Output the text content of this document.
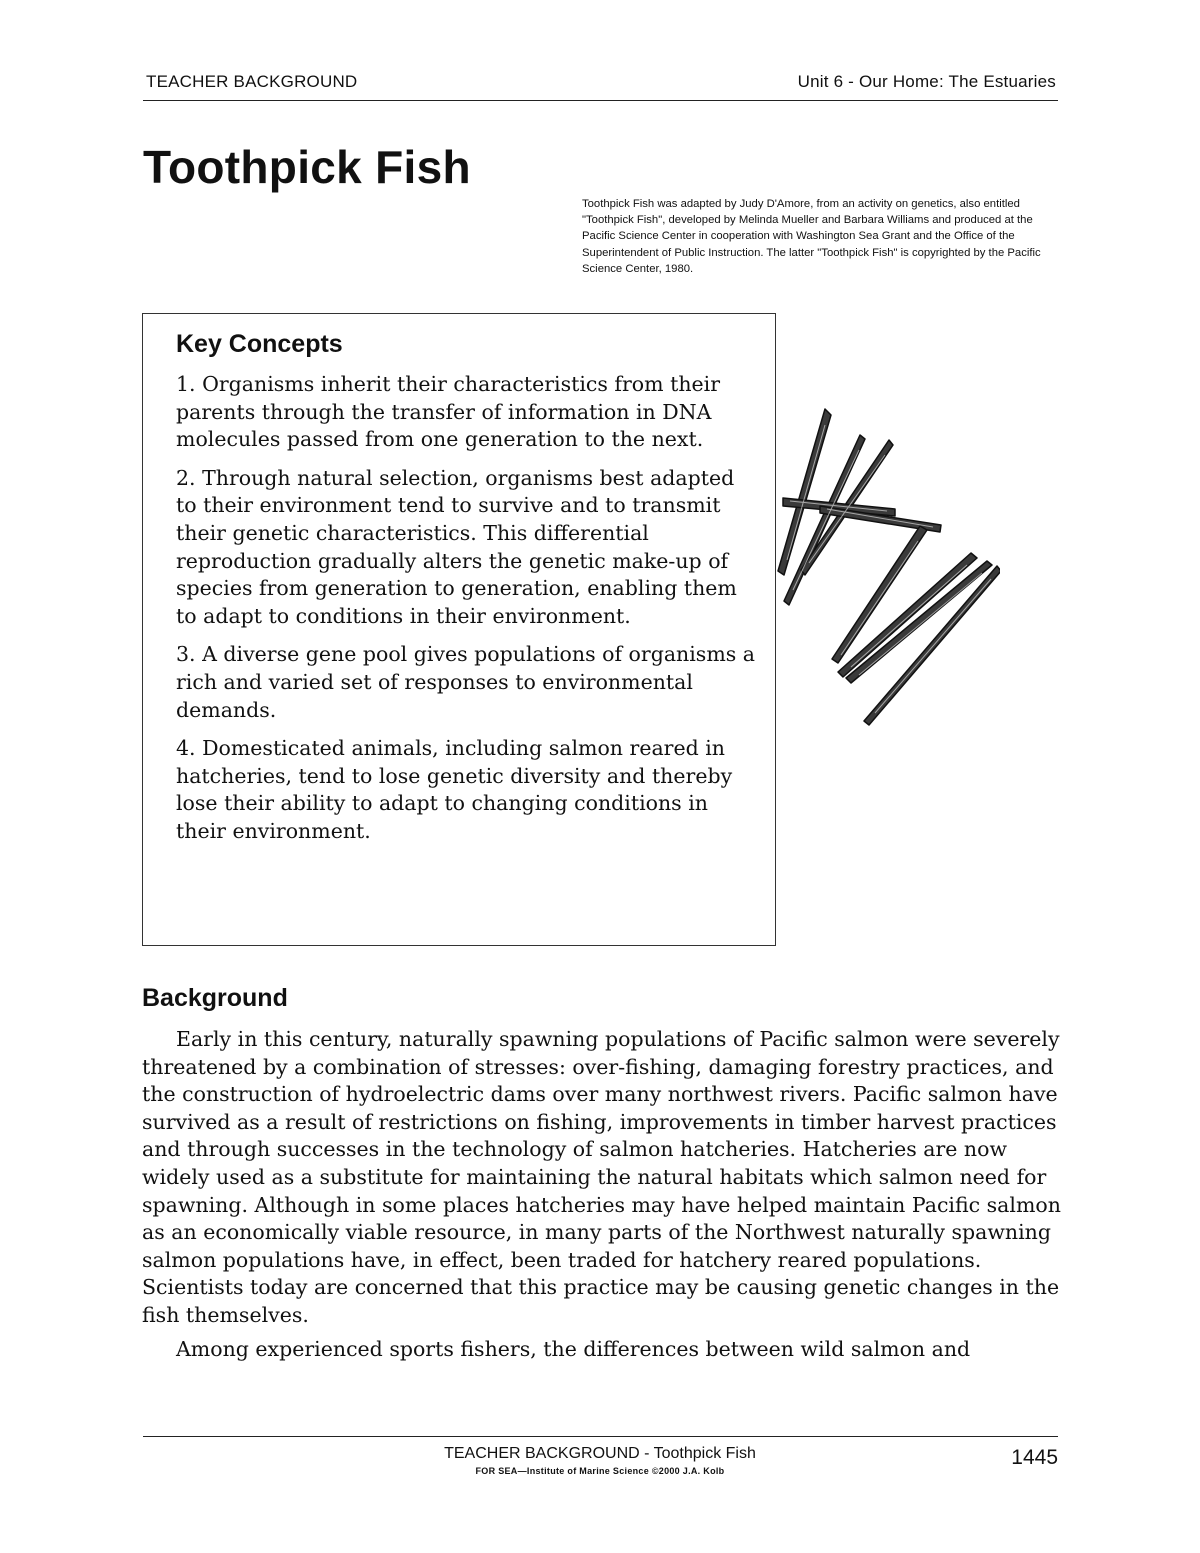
TEACHER BACKGROUND	Unit 6 - Our Home: The Estuaries
Toothpick Fish
Toothpick Fish was adapted by Judy D'Amore, from an activity on genetics, also entitled "Toothpick Fish", developed by Melinda Mueller and Barbara Williams and produced at the Pacific Science Center in cooperation with Washington Sea Grant and the Office of the Superintendent of Public Instruction. The latter "Toothpick Fish" is copyrighted by the Pacific Science Center, 1980.
Key Concepts

1. Organisms inherit their characteristics from their parents through the transfer of information in DNA molecules passed from one generation to the next.

2. Through natural selection, organisms best adapted to their environment tend to survive and to transmit their genetic characteristics. This differential reproduction gradually alters the genetic make-up of species from generation to generation, enabling them to adapt to conditions in their environment.

3. A diverse gene pool gives populations of organisms a rich and varied set of responses to environmental demands.

4. Domesticated animals, including salmon reared in hatcheries, tend to lose genetic diversity and thereby lose their ability to adapt to changing conditions in their environment.

Background

Early in this century, naturally spawning populations of Pacific salmon were severely threatened by a combination of stresses: over-fishing, damaging forestry practices, and the construction of hydroelectric dams over many northwest rivers. Pacific salmon have survived as a result of restrictions on fishing, improvements in timber harvest practices and through successes in the technology of salmon hatcheries. Hatcheries are now widely used as a substitute for maintaining the natural habitats which salmon need for spawning. Although in some places hatcheries may have helped maintain Pacific salmon as an economically viable resource, in many parts of the Northwest naturally spawning salmon populations have, in effect, been traded for hatchery reared populations. Scientists today are concerned that this practice may be causing genetic changes in the fish themselves.

Among experienced sports fishers, the differences between wild salmon and

TEACHER BACKGROUND - Toothpick Fish
FOR SEA—Institute of Marine Science ©2000 J.A. Kolb
1445
